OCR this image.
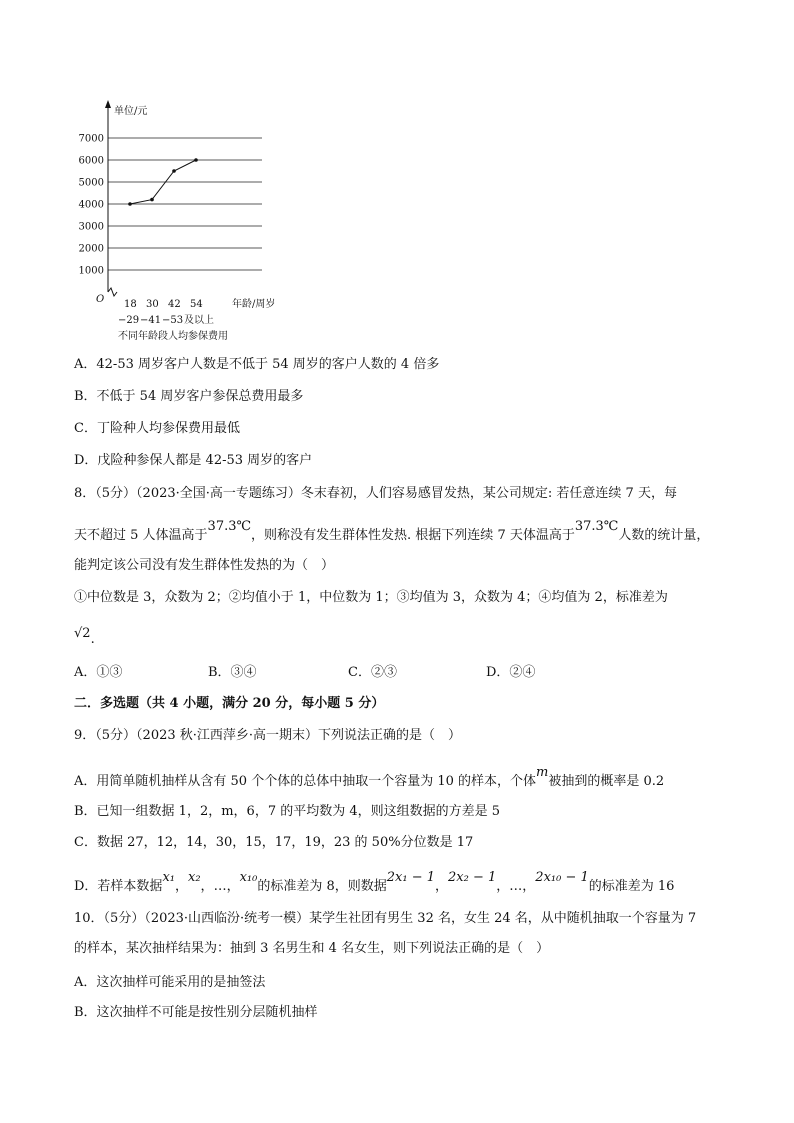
单位/元
O
1000
2000
3000
4000
5000
6000
7000
18 30 42 54
−29 −41 −53 及以上
年龄/周岁
不同年龄段人均参保费用
A．42-53 周岁客户人数是不低于 54 周岁的客户人数的 4 倍多
B．不低于 54 周岁客户参保总费用最多
C．丁险种人均参保费用最低
D．戊险种参保人都是 42-53 周岁的客户
8．（5分）（2023·全国·高一专题练习）冬末春初，人们容易感冒发热，某公司规定: 若任意连续 7 天，每
天不超过 5 人体温高于37.3℃，则称没有发生群体性发热. 根据下列连续 7 天体温高于37.3℃人数的统计量，
能判定该公司没有发生群体性发热的为（　）
①中位数是 3，众数为 2；②均值小于 1，中位数为 1；③均值为 3，众数为 4；④均值为 2，标准差为
√2.
A．①③	B．③④	C．②③	D．②④
二．多选题（共 4 小题，满分 20 分，每小题 5 分）
9．（5分）（2023 秋·江西萍乡·高一期末）下列说法正确的是（　）
A．用简单随机抽样从含有 50 个个体的总体中抽取一个容量为 10 的样本，个体m被抽到的概率是 0.2
B．已知一组数据 1，2，m，6，7 的平均数为 4，则这组数据的方差是 5
C．数据 27，12，14，30，15，17，19，23 的 50%分位数是 17
D．若样本数据x₁，x₂，…，x₁₀的标准差为 8，则数据2x₁ − 1，2x₂ − 1，…，2x₁₀ − 1的标准差为 16
10．（5分）（2023·山西临汾·统考一模）某学生社团有男生 32 名，女生 24 名，从中随机抽取一个容量为 7
的样本，某次抽样结果为：抽到 3 名男生和 4 名女生，则下列说法正确的是（　）
A．这次抽样可能采用的是抽签法
B．这次抽样不可能是按性别分层随机抽样
